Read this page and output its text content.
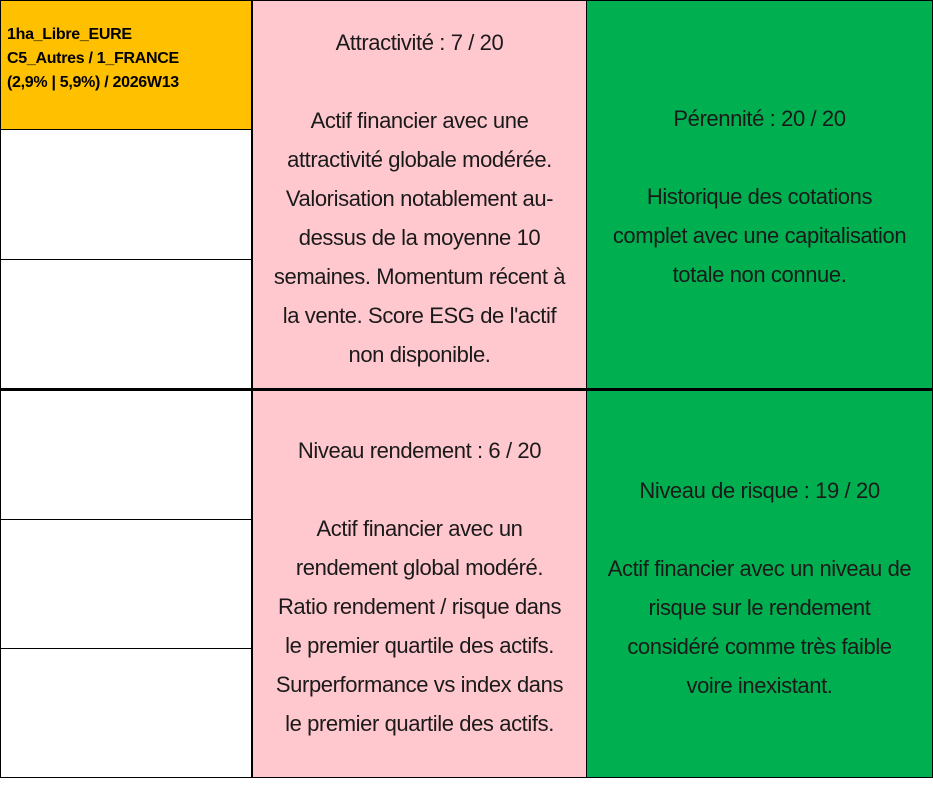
1ha_Libre_EURE
C5_Autres / 1_FRANCE
(2,9% | 5,9%) / 2026W13
Attractivité : 7 / 20
Actif financier avec une
attractivité globale modérée.
Valorisation notablement au-
dessus de la moyenne 10
semaines. Momentum récent à
la vente. Score ESG de l'actif
non disponible.
Pérennité : 20 / 20
Historique des cotations
complet avec une capitalisation
totale non connue.
Niveau rendement : 6 / 20
Actif financier avec un
rendement global modéré.
Ratio rendement / risque dans
le premier quartile des actifs.
Surperformance vs index dans
le premier quartile des actifs.
Niveau de risque : 19 / 20
Actif financier avec un niveau de
risque sur le rendement
considéré comme très faible
voire inexistant.
